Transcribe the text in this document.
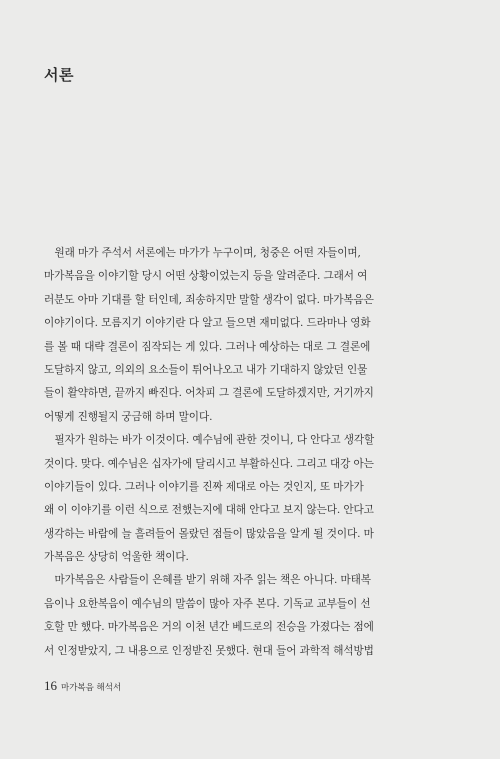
서론
　원래 마가 주석서 서론에는 마가가 누구이며, 청중은 어떤 자들이며,
마가복음을 이야기할 당시 어떤 상황이었는지 등을 알려준다. 그래서 여
러분도 아마 기대를 할 터인데, 죄송하지만 말할 생각이 없다. 마가복음은
이야기이다. 모름지기 이야기란 다 알고 들으면 재미없다. 드라마나 영화
를 볼 때 대략 결론이 짐작되는 게 있다. 그러나 예상하는 대로 그 결론에
도달하지 않고, 의외의 요소들이 튀어나오고 내가 기대하지 않았던 인물
들이 활약하면, 끝까지 빠진다. 어차피 그 결론에 도달하겠지만, 거기까지
어떻게 진행될지 궁금해 하며 말이다.
　필자가 원하는 바가 이것이다. 예수님에 관한 것이니, 다 안다고 생각할
것이다. 맞다. 예수님은 십자가에 달리시고 부활하신다. 그리고 대강 아는
이야기들이 있다. 그러나 이야기를 진짜 제대로 아는 것인지, 또 마가가
왜 이 이야기를 이런 식으로 전했는지에 대해 안다고 보지 않는다. 안다고
생각하는 바람에 늘 흘려들어 몰랐던 점들이 많았음을 알게 될 것이다. 마
가복음은 상당히 억울한 책이다.
　마가복음은 사람들이 은혜를 받기 위해 자주 읽는 책은 아니다. 마태복
음이나 요한복음이 예수님의 말씀이 많아 자주 본다. 기독교 교부들이 선
호할 만 했다. 마가복음은 거의 이천 년간 베드로의 전승을 가졌다는 점에
서 인정받았지, 그 내용으로 인정받진 못했다. 현대 들어 과학적 해석방법
16 마가복음 해석서
